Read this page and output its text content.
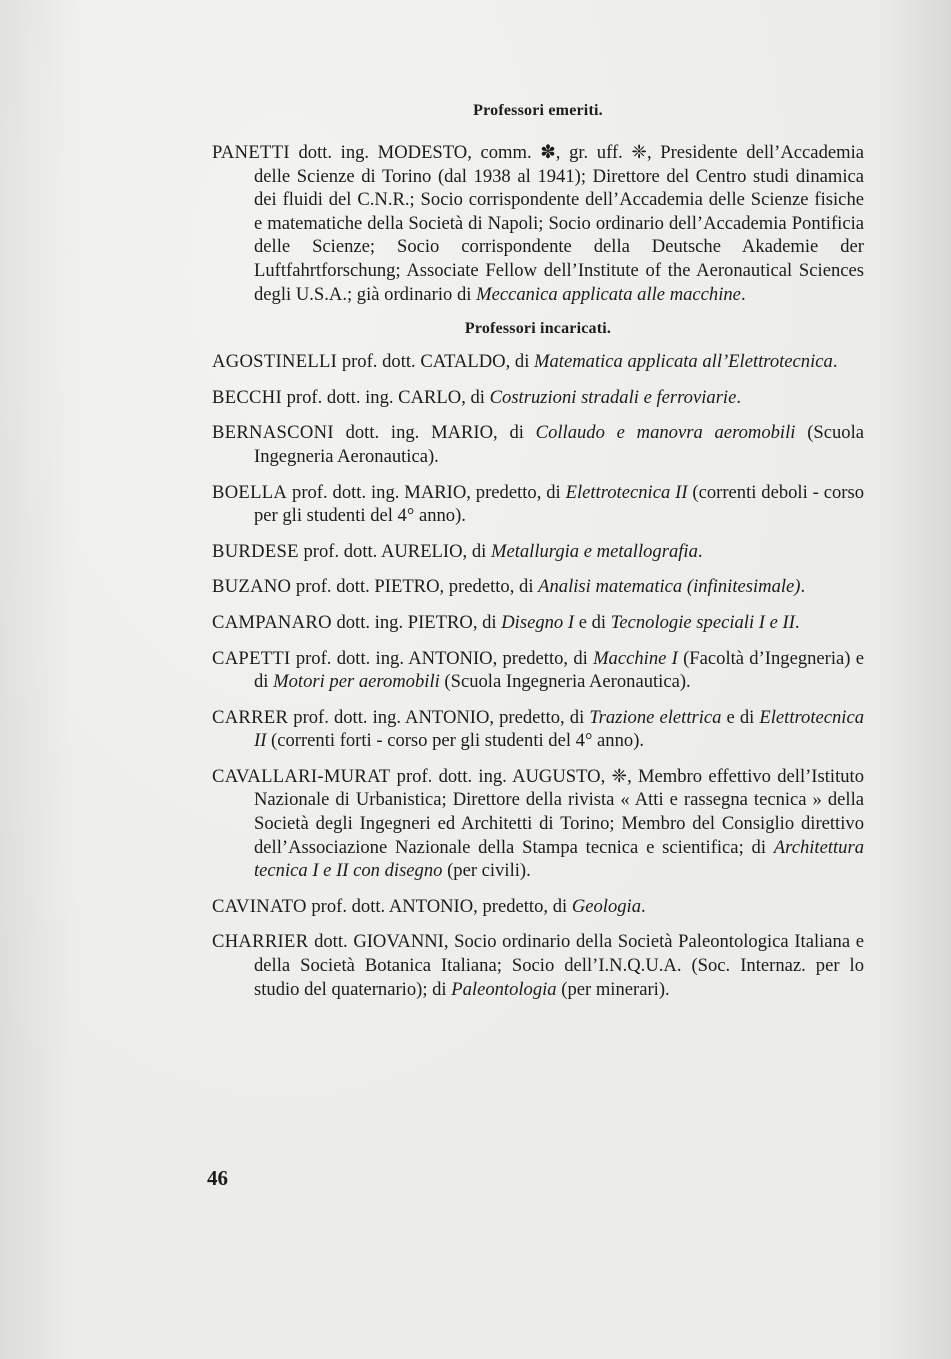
Professori emeriti.

PANETTI dott. ing. MODESTO, comm. ✽, gr. uff. ❈, Presidente dell’Accademia delle Scienze di Torino (dal 1938 al 1941); Direttore del Centro studi dinamica dei fluidi del C.N.R.; Socio corrispondente dell’Accademia delle Scienze fisiche e matematiche della Società di Napoli; Socio ordinario dell’Accademia Pontificia delle Scienze; Socio corrispondente della Deutsche Akademie der Luftfahrtforschung; Associate Fellow dell’Institute of the Aeronautical Sciences degli U.S.A.; già ordinario di Meccanica applicata alle macchine.

Professori incaricati.

AGOSTINELLI prof. dott. CATALDO, di Matematica applicata all’Elettrotecnica.

BECCHI prof. dott. ing. CARLO, di Costruzioni stradali e ferroviarie.

BERNASCONI dott. ing. MARIO, di Collaudo e manovra aeromobili (Scuola Ingegneria Aeronautica).

BOELLA prof. dott. ing. MARIO, predetto, di Elettrotecnica II (correnti deboli - corso per gli studenti del 4° anno).

BURDESE prof. dott. AURELIO, di Metallurgia e metallografia.

BUZANO prof. dott. PIETRO, predetto, di Analisi matematica (infinitesimale).

CAMPANARO dott. ing. PIETRO, di Disegno I e di Tecnologie speciali I e II.

CAPETTI prof. dott. ing. ANTONIO, predetto, di Macchine I (Facoltà d’Ingegneria) e di Motori per aeromobili (Scuola Ingegneria Aeronautica).

CARRER prof. dott. ing. ANTONIO, predetto, di Trazione elettrica e di Elettrotecnica II (correnti forti - corso per gli studenti del 4° anno).

CAVALLARI-MURAT prof. dott. ing. AUGUSTO, ❈, Membro effettivo dell’Istituto Nazionale di Urbanistica; Direttore della rivista « Atti e rassegna tecnica » della Società degli Ingegneri ed Architetti di Torino; Membro del Consiglio direttivo dell’Associazione Nazionale della Stampa tecnica e scientifica; di Architettura tecnica I e II con disegno (per civili).

CAVINATO prof. dott. ANTONIO, predetto, di Geologia.

CHARRIER dott. GIOVANNI, Socio ordinario della Società Paleontologica Italiana e della Società Botanica Italiana; Socio dell’I.N.Q.U.A. (Soc. Internaz. per lo studio del quaternario); di Paleontologia (per minerari).

46
